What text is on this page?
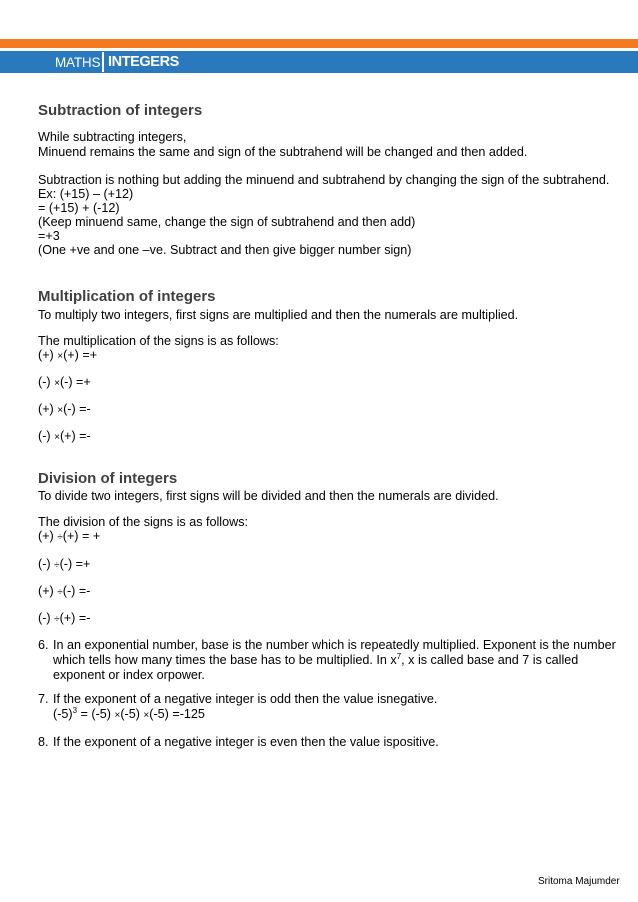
MATHS INTEGERS
Subtraction of integers
While subtracting integers,
Minuend remains the same and sign of the subtrahend will be changed and then added.
Subtraction is nothing but adding the minuend and subtrahend by changing the sign of the subtrahend.
Ex: (+15) – (+12)
= (+15) + (-12)
(Keep minuend same, change the sign of subtrahend and then add)
=+3
(One +ve and one –ve. Subtract and then give bigger number sign)
Multiplication of integers
To multiply two integers, first signs are multiplied and then the numerals are multiplied.
The multiplication of the signs is as follows:
(+) ×(+) =+
(-) ×(-) =+
(+) ×(-) =-
(-) ×(+) =-
Division of integers
To divide two integers, first signs will be divided and then the numerals are divided.
The division of the signs is as follows:
(+) ÷(+) = +
(-) ÷(-) =+
(+) ÷(-) =-
(-) ÷(+) =-
6. In an exponential number, base is the number which is repeatedly multiplied. Exponent is the number
which tells how many times the base has to be multiplied. In $x^7$, x is called base and 7 is called
exponent or index orpower.
7. If the exponent of a negative integer is odd then the value isnegative.
$(-5)^3 = (-5) \times(-5) \times(-5) =-125$
8. If the exponent of a negative integer is even then the value ispositive.
Sritoma Majumder
